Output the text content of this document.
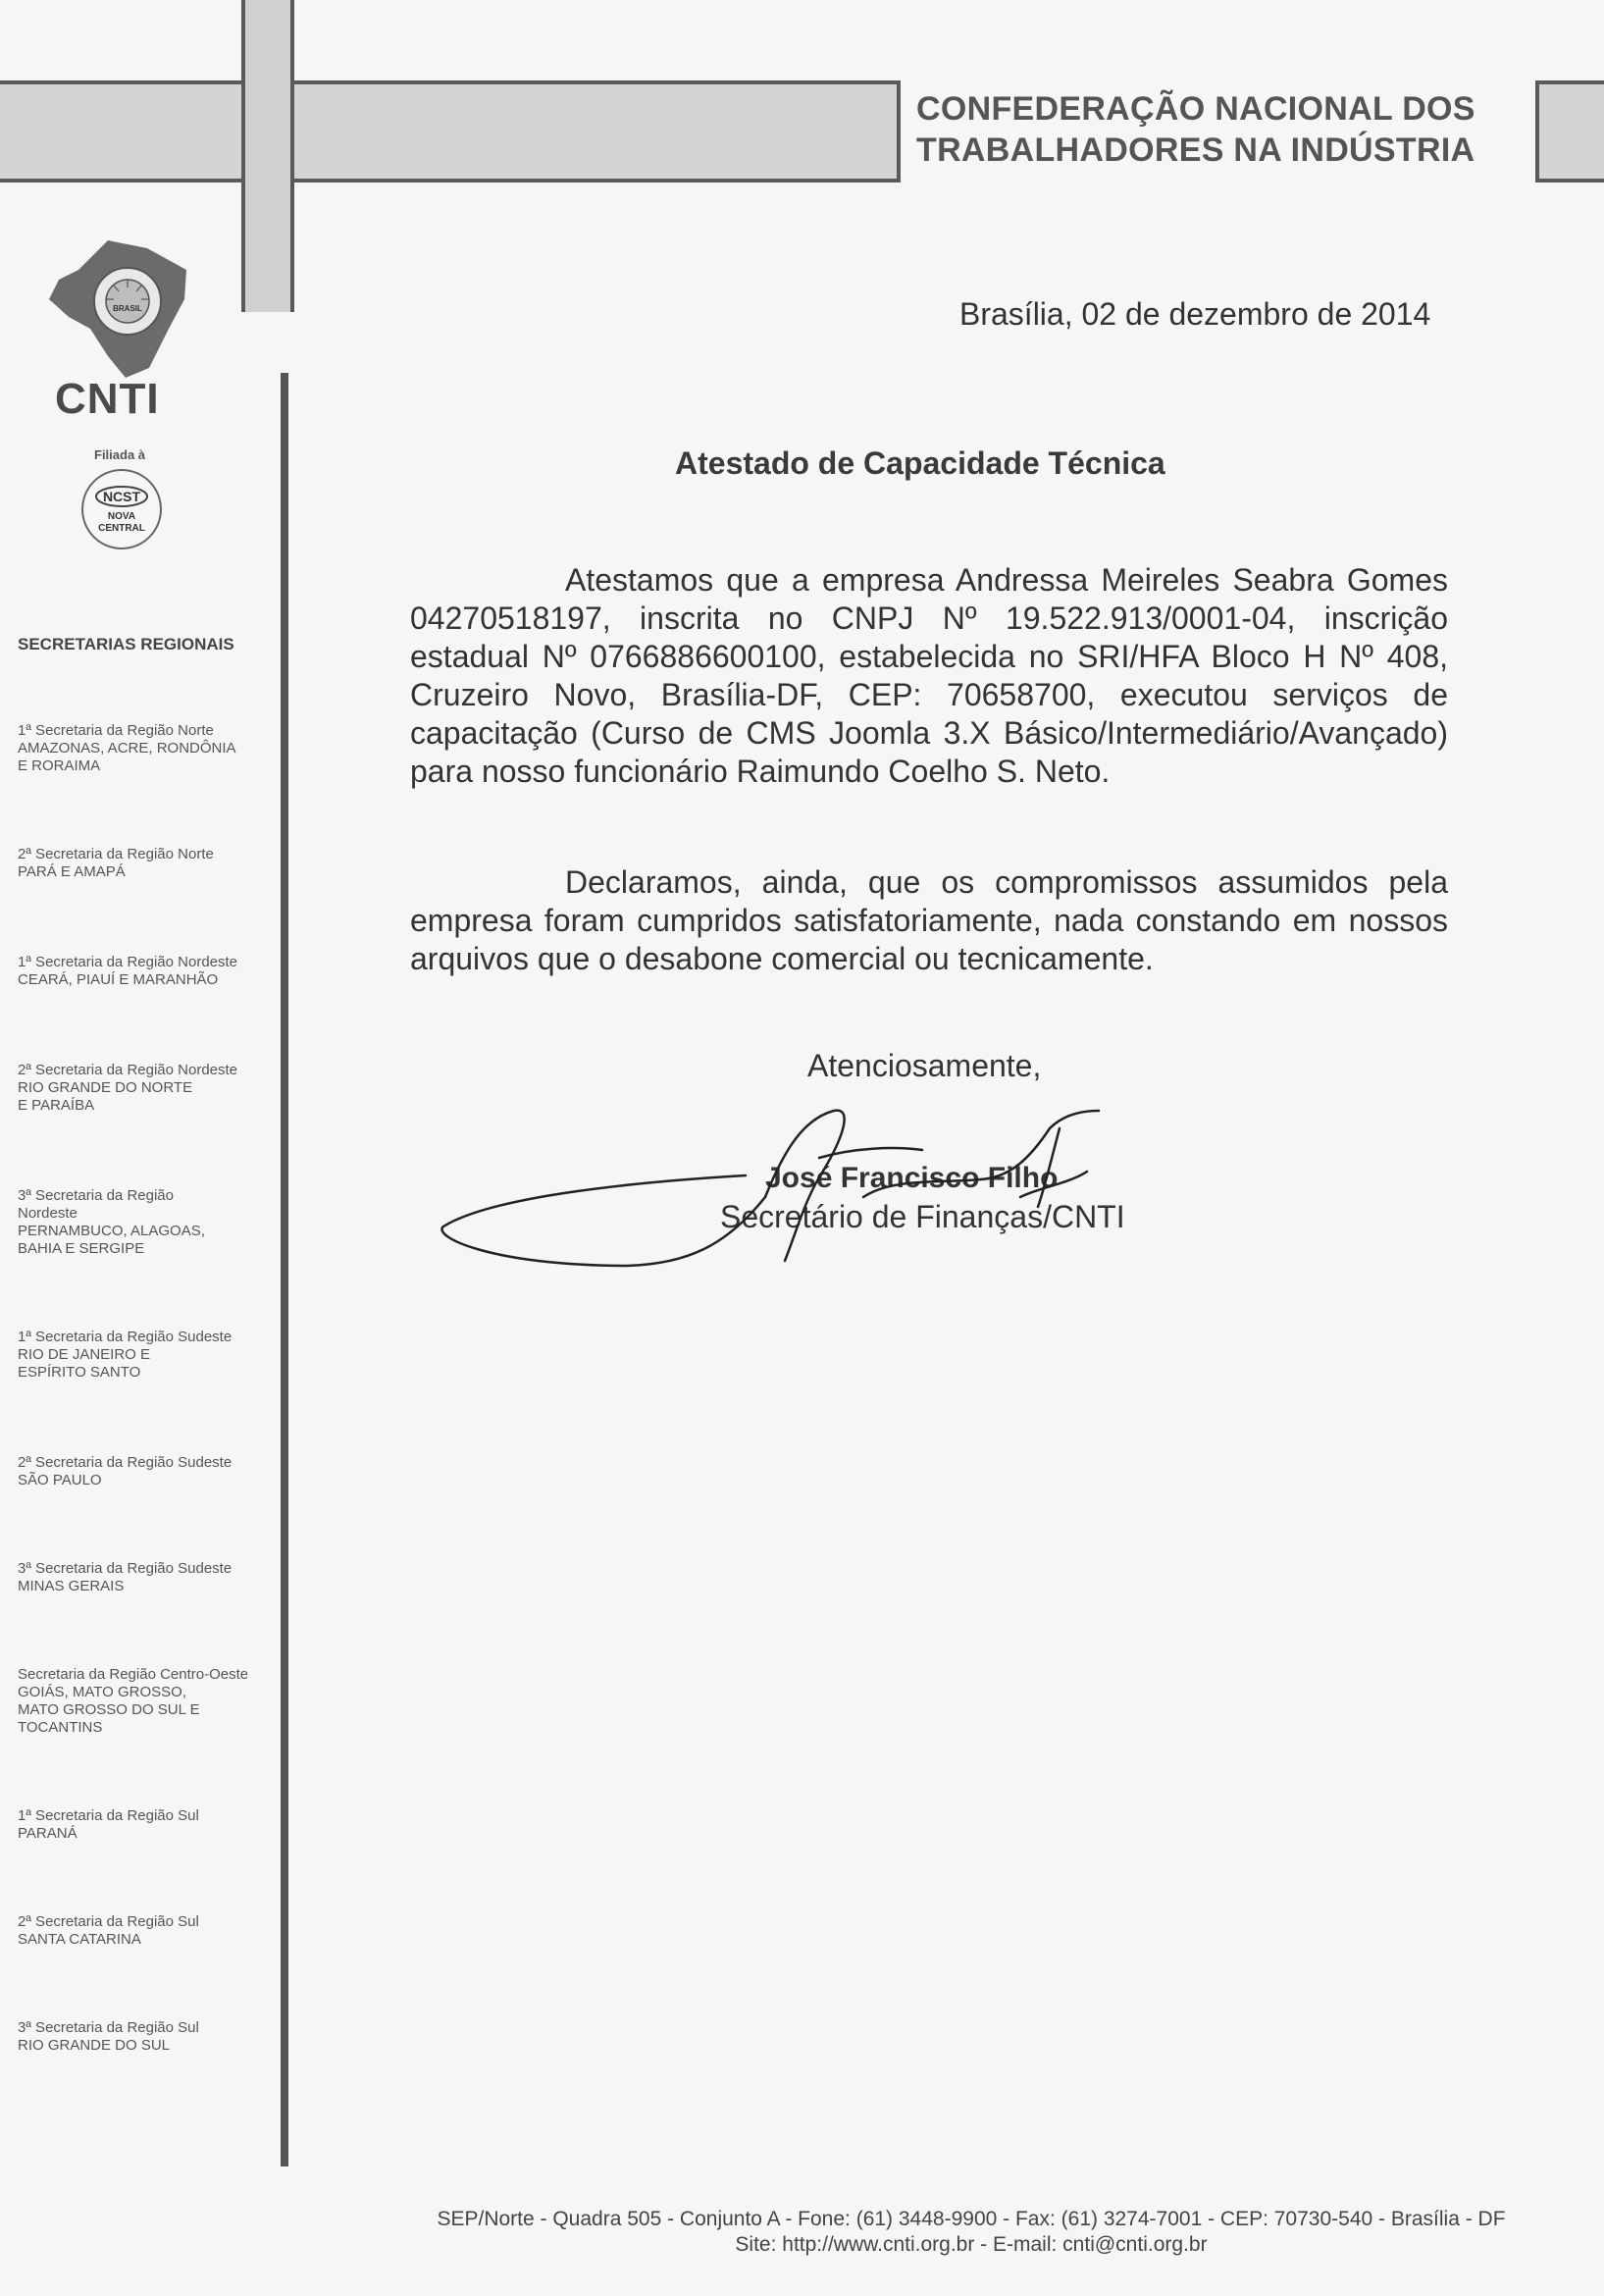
CONFEDERAÇÃO NACIONAL DOS
TRABALHADORES NA INDÚSTRIA
BRASIL
CNTI
Filiada à
NCST
NOVA
CENTRAL
SECRETARIAS REGIONAIS
1ª Secretaria da Região Norte
AMAZONAS, ACRE, RONDÔNIA
E RORAIMA
2ª Secretaria da Região Norte
PARÁ E AMAPÁ
1ª Secretaria da Região Nordeste
CEARÁ, PIAUÍ E MARANHÃO
2ª Secretaria da Região Nordeste
RIO GRANDE DO NORTE
E PARAÍBA
3ª Secretaria da Região
Nordeste
PERNAMBUCO, ALAGOAS,
BAHIA E SERGIPE
1ª Secretaria da Região Sudeste
RIO DE JANEIRO E
ESPÍRITO SANTO
2ª Secretaria da Região Sudeste
SÃO PAULO
3ª Secretaria da Região Sudeste
MINAS GERAIS
Secretaria da Região Centro-Oeste
GOIÁS, MATO GROSSO,
MATO GROSSO DO SUL E
TOCANTINS
1ª Secretaria da Região Sul
PARANÁ
2ª Secretaria da Região Sul
SANTA CATARINA
3ª Secretaria da Região Sul
RIO GRANDE DO SUL
Brasília, 02 de dezembro de 2014
Atestado de Capacidade Técnica
Atestamos que a empresa Andressa Meireles Seabra Gomes 04270518197, inscrita no CNPJ Nº 19.522.913/0001-04, inscrição estadual Nº 0766886600100, estabelecida no SRI/HFA Bloco H Nº 408, Cruzeiro Novo, Brasília-DF, CEP: 70658700, executou serviços de capacitação (Curso de CMS Joomla 3.X Básico/Intermediário/Avançado) para nosso funcionário Raimundo Coelho S. Neto.
Declaramos, ainda, que os compromissos assumidos pela empresa foram cumpridos satisfatoriamente, nada constando em nossos arquivos que o desabone comercial ou tecnicamente.
Atenciosamente,
José Francisco Filho
Secretário de Finanças/CNTI
SEP/Norte - Quadra 505 - Conjunto A - Fone: (61) 3448-9900 - Fax: (61) 3274-7001 - CEP: 70730-540 - Brasília - DF
Site: http://www.cnti.org.br - E-mail: cnti@cnti.org.br
